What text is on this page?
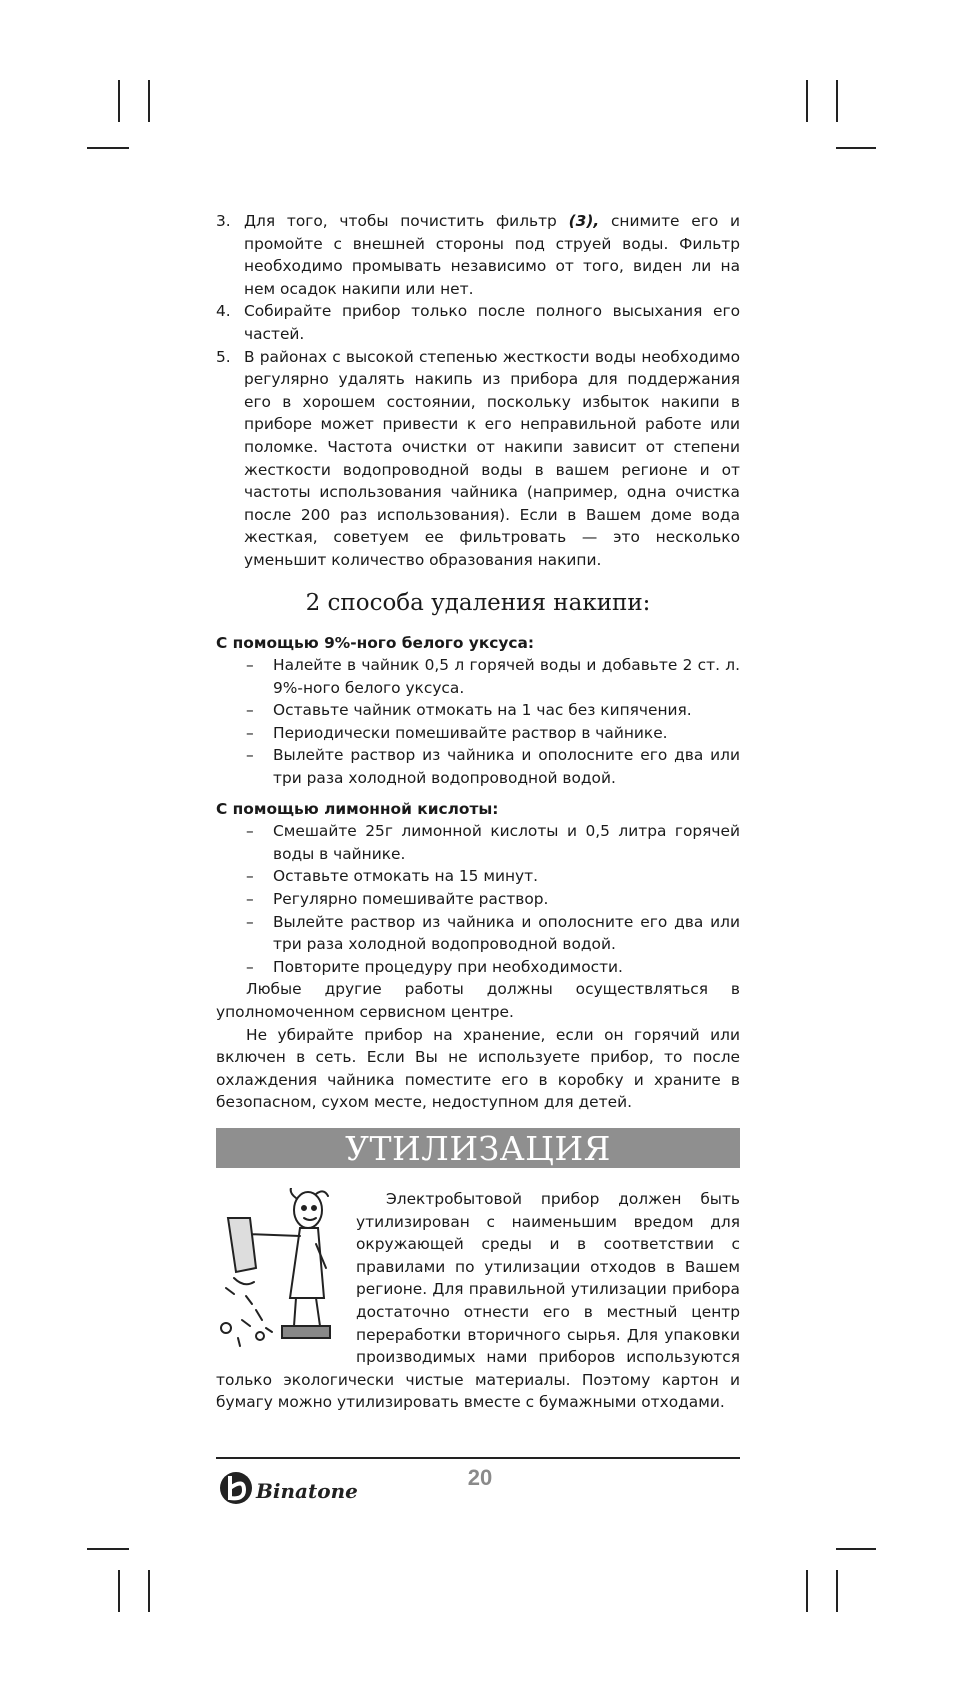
3. Для того, чтобы почистить фильтр (3), снимите его и промойте с внешней стороны под струей воды. Фильтр необходимо промывать независимо от того, виден ли на нем осадок накипи или нет.
4. Собирайте прибор только после полного высыхания его частей.
5. В районах с высокой степенью жесткости воды необходимо регулярно удалять накипь из прибора для поддержания его в хорошем состоянии, поскольку избыток накипи в приборе может привести к его неправильной работе или поломке. Частота очистки от накипи зависит от степени жесткости водопроводной воды в вашем регионе и от частоты использования чайника (например, одна очистка после 200 раз использования). Если в Вашем доме вода жесткая, советуем ее фильтровать — это несколько уменьшит количество образования накипи.
2 способа удаления накипи:
С помощью 9%-ного белого уксуса:
– Налейте в чайник 0,5 л горячей воды и добавьте 2 ст. л. 9%-ного белого уксуса.
– Оставьте чайник отмокать на 1 час без кипячения.
– Периодически помешивайте раствор в чайнике.
– Вылейте раствор из чайника и ополосните его два или три раза холодной водопроводной водой.
С помощью лимонной кислоты:
– Смешайте 25г лимонной кислоты и 0,5 литра горячей воды в чайнике.
– Оставьте отмокать на 15 минут.
– Регулярно помешивайте раствор.
– Вылейте раствор из чайника и ополосните его два или три раза холодной водопроводной водой.
– Повторите процедуру при необходимости.
Любые другие работы должны осуществляться в уполномоченном сервисном центре.
Не убирайте прибор на хранение, если он горячий или включен в сеть. Если Вы не используете прибор, то после охлаждения чайника поместите его в коробку и храните в безопасном, сухом месте, недоступном для детей.
УТИЛИЗАЦИЯ
Электробытовой прибор должен быть утилизирован с наименьшим вредом для окружающей среды и в соответствии с правилами по утилизации отходов в Вашем регионе. Для правильной утилизации прибора достаточно отнести его в местный центр переработки вторичного сырья. Для упаковки производимых нами приборов используются только экологически чистые материалы. Поэтому картон и бумагу можно утилизировать вместе с бумажными отходами.
Binatone
20
